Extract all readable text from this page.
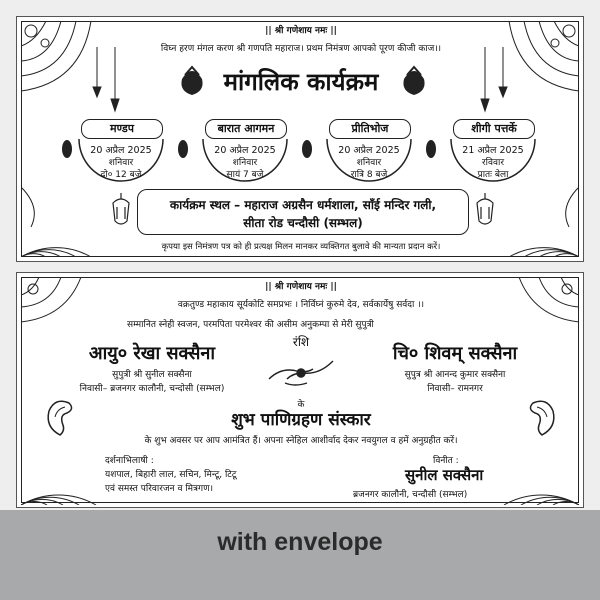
with envelope
|| श्री गणेशाय नमः ||
विघ्न हरण मंगल करण श्री गणपति महाराज। प्रथम निमंत्रण आपको पूरण कीजी काज।।
मांगलिक कार्यक्रम
मण्डप
20 अप्रैल 2025
शनिवार
दो० 12 बजे
बारात आगमन
20 अप्रैल 2025
शनिवार
सायं 7 बजे
प्रीतिभोज
20 अप्रैल 2025
शनिवार
रात्रि 8 बजे
शीगी पत्तर्के
21 अप्रैल 2025
रविवार
प्रातः बेला
कार्यक्रम स्थल – महाराज अग्रसैन धर्मशाला, साँई मन्दिर गली,
सीता रोड चन्दौसी (सम्भल)
कृपया इस निमंत्रण पत्र को ही प्रत्यक्ष मिलन मानकर व्यक्तिगत बुलावे की मान्यता प्रदान करें।
|| श्री गणेशाय नमः ||
वक्रतुण्ड महाकाय सूर्यकोटि समप्रभः । निर्विघ्नं कुरुमे देव, सर्वकार्येषु सर्वदा ।।
सम्मानित स्नेही स्वजन, परमपिता परमेश्वर की असीम अनुकम्पा से मेरी सुपुत्री
आयु० रेखा सक्सैना
सुपुत्री श्री सुनील सक्सैना
निवासी– ब्रजनगर कालौनी, चन्दोसी (सम्भल)
रंशि
के
चि० शिवम् सक्सैना
सुपुत्र श्री आनन्द कुमार सक्सैना
निवासी– रामनगर
शुभ पाणिग्रहण संस्कार
के शुभ अवसर पर आप आमंत्रित हैं। अपना स्नेहिल आशीर्वाद देकर नवयुगल व हमें अनुग्रहीत करें।
दर्शनाभिलाषी :
यशपाल, बिहारी लाल, सचिन, मिन्टू, टिटू
एवं समस्त परिवारजन व मित्रगण।
विनीत :
सुनील सक्सैना
ब्रजनगर कालौनी, चन्दौसी (सम्भल)
